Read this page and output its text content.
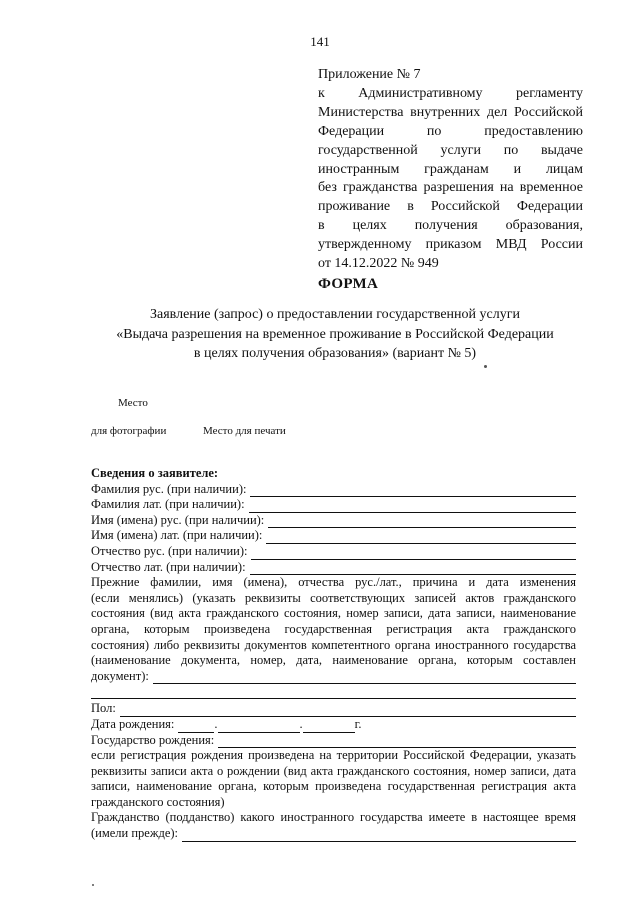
141
Приложение № 7
к Административному регламенту
Министерства внутренних дел Российской
Федерации по предоставлению
государственной услуги по выдаче
иностранным гражданам и лицам
без гражданства разрешения на временное
проживание в Российской Федерации
в целях получения образования,
утвержденному приказом МВД России
от 14.12.2022 № 949
ФОРМА
Заявление (запрос) о предоставлении государственной услуги
«Выдача разрешения на временное проживание в Российской Федерации
в целях получения образования» (вариант № 5)
Место
для фотографии	Место для печати
Сведения о заявителе:
Фамилия рус. (при наличии):
Фамилия лат. (при наличии):
Имя (имена) рус. (при наличии):
Имя (имена) лат. (при наличии):
Отчество рус. (при наличии):
Отчество лат. (при наличии):
Прежние фамилии, имя (имена), отчества рус./лат., причина и дата изменения
(если менялись) (указать реквизиты соответствующих записей актов гражданского
состояния (вид акта гражданского состояния, номер записи, дата записи, наименование
органа, которым произведена государственная регистрация акта гражданского
состояния) либо реквизиты документов компетентного органа иностранного государства
(наименование документа, номер, дата, наименование органа, которым составлен
документ):
Пол:
Дата рождения:	.	.	г.
Государство рождения:
если регистрация рождения произведена на территории Российской Федерации, указать
реквизиты записи акта о рождении (вид акта гражданского состояния, номер записи, дата
записи, наименование органа, которым произведена государственная регистрация акта
гражданского состояния)
Гражданство (подданство) какого иностранного государства имеете в настоящее время
(имели прежде):
